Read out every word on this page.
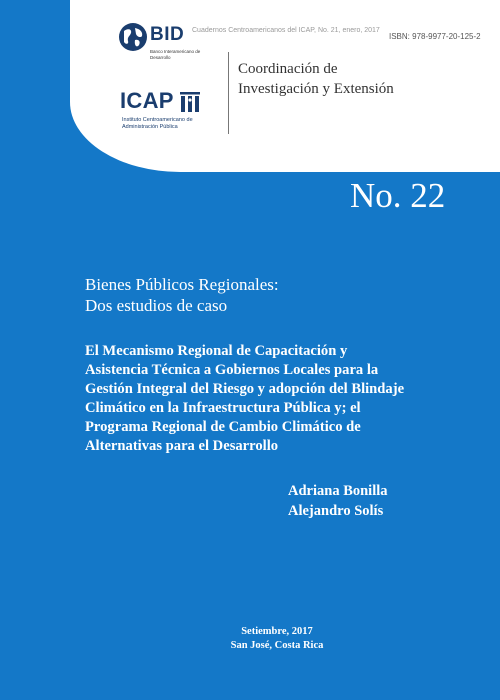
Cuadernos Centroamericanos del ICAP, No. 21, enero, 2017
ISBN: 978-9977-20-125-2
BID
Banco Interamericano de Desarrollo
ICAP
Instituto Centroamericano de Administración Pública
Coordinación de
Investigación y Extensión
No. 22
Bienes Públicos Regionales:
Dos estudios de caso
El Mecanismo Regional de Capacitación y
Asistencia Técnica a Gobiernos Locales para la
Gestión Integral del Riesgo y adopción del Blindaje
Climático en la Infraestructura Pública y; el
Programa Regional de Cambio Climático de
Alternativas para el Desarrollo
Adriana Bonilla
Alejandro Solís
Setiembre, 2017
San José, Costa Rica
